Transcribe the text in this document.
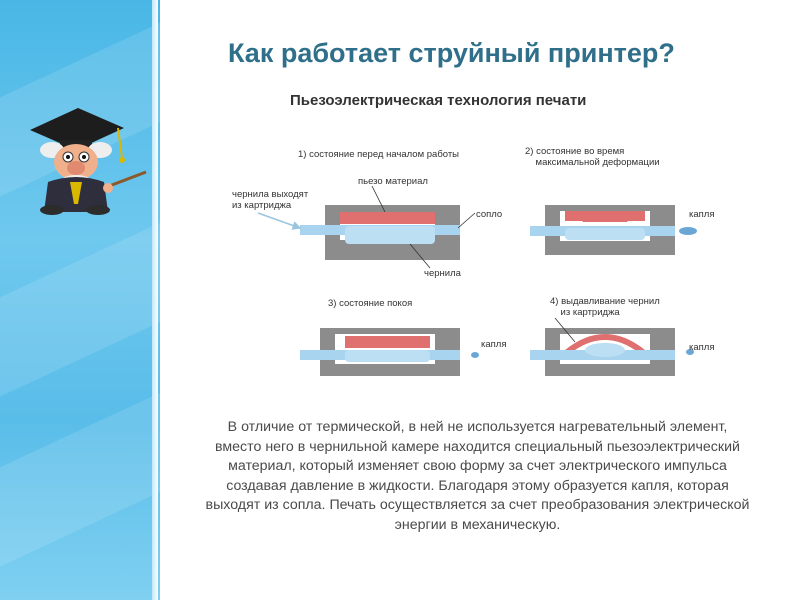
Как работает струйный принтер?
Пьезоэлектрическая технология печати
1) состояние перед началом работы
чернила выходят
из картриджа
пьезо материал
сопло
чернила
2) состояние во время
максимальной деформации
капля
3) состояние покоя
капля
4) выдавливание чернил
из картриджа
капля
В отличие от термической, в ней не используется нагревательный элемент, вместо него в чернильной камере находится специальный пьезоэлектрический материал, который изменяет свою форму за счет электрического импульса создавая давление в жидкости. Благодаря этому образуется капля, которая выходят из сопла. Печать осуществляется за счет преобразования электрической энергии в механическую.
